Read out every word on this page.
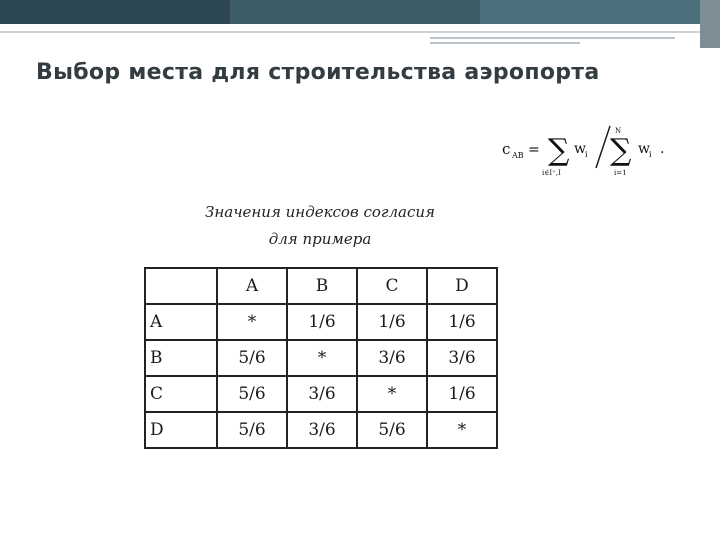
Выбор места для строительства аэропорта
c AB = ∑ w i
i∈I⁺,I
N
∑
i=1
w i .
Значения индексов согласия
для примера
	A	B	C	D
A	*	1/6	1/6	1/6
B	5/6	*	3/6	3/6
C	5/6	3/6	*	1/6
D	5/6	3/6	5/6	*
